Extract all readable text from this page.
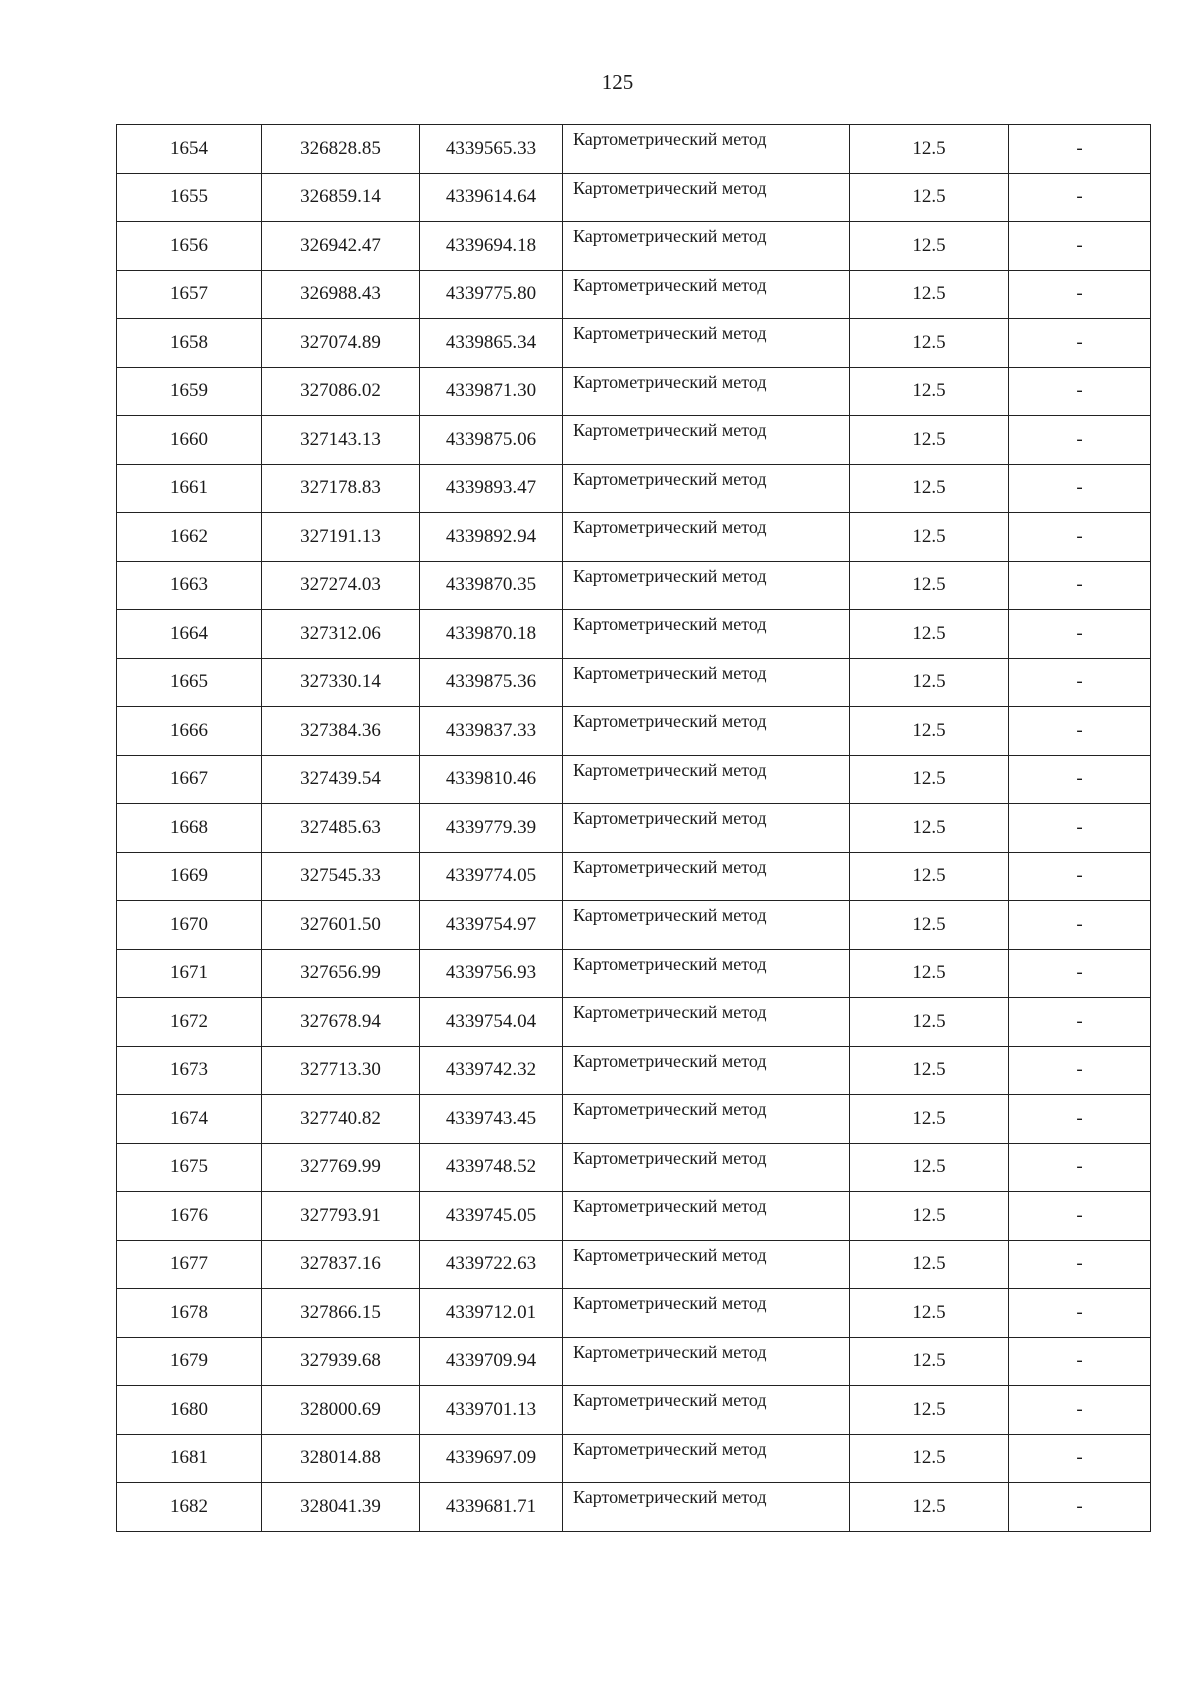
125
1654	326828.85	4339565.33	Картометрический метод	12.5	-
1655	326859.14	4339614.64	Картометрический метод	12.5	-
1656	326942.47	4339694.18	Картометрический метод	12.5	-
1657	326988.43	4339775.80	Картометрический метод	12.5	-
1658	327074.89	4339865.34	Картометрический метод	12.5	-
1659	327086.02	4339871.30	Картометрический метод	12.5	-
1660	327143.13	4339875.06	Картометрический метод	12.5	-
1661	327178.83	4339893.47	Картометрический метод	12.5	-
1662	327191.13	4339892.94	Картометрический метод	12.5	-
1663	327274.03	4339870.35	Картометрический метод	12.5	-
1664	327312.06	4339870.18	Картометрический метод	12.5	-
1665	327330.14	4339875.36	Картометрический метод	12.5	-
1666	327384.36	4339837.33	Картометрический метод	12.5	-
1667	327439.54	4339810.46	Картометрический метод	12.5	-
1668	327485.63	4339779.39	Картометрический метод	12.5	-
1669	327545.33	4339774.05	Картометрический метод	12.5	-
1670	327601.50	4339754.97	Картометрический метод	12.5	-
1671	327656.99	4339756.93	Картометрический метод	12.5	-
1672	327678.94	4339754.04	Картометрический метод	12.5	-
1673	327713.30	4339742.32	Картометрический метод	12.5	-
1674	327740.82	4339743.45	Картометрический метод	12.5	-
1675	327769.99	4339748.52	Картометрический метод	12.5	-
1676	327793.91	4339745.05	Картометрический метод	12.5	-
1677	327837.16	4339722.63	Картометрический метод	12.5	-
1678	327866.15	4339712.01	Картометрический метод	12.5	-
1679	327939.68	4339709.94	Картометрический метод	12.5	-
1680	328000.69	4339701.13	Картометрический метод	12.5	-
1681	328014.88	4339697.09	Картометрический метод	12.5	-
1682	328041.39	4339681.71	Картометрический метод	12.5	-
